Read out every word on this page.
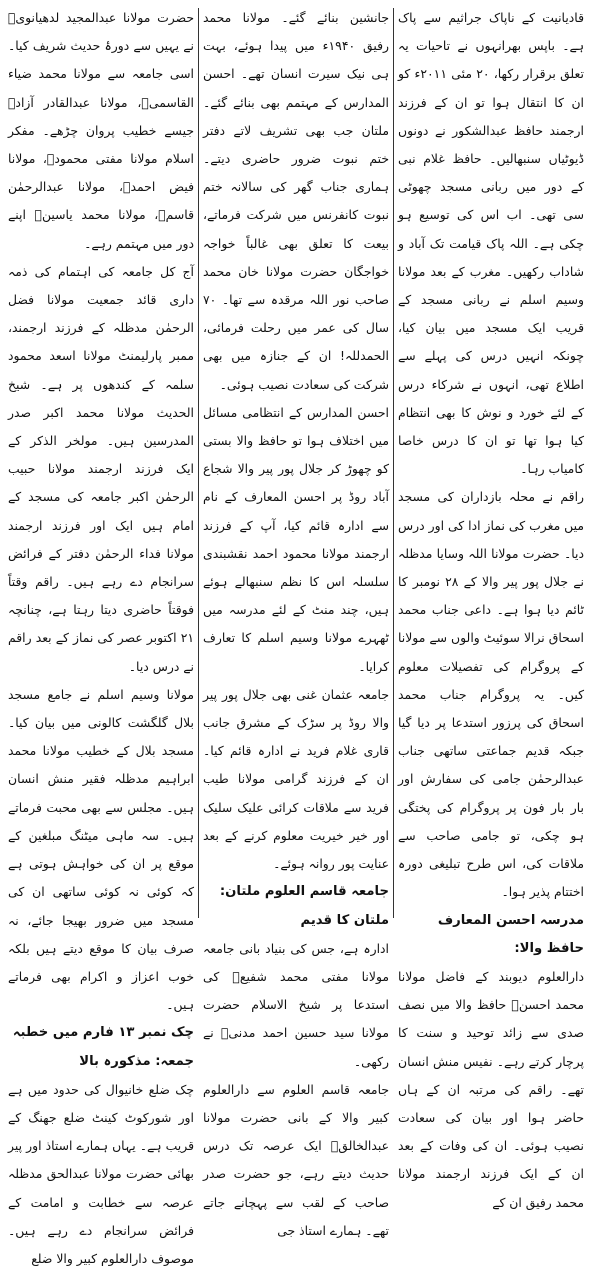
قادیانیت کے ناپاک جراثیم سے پاک ہے۔ باپس بھرانہوں نے تاحیات یہ تعلق برقرار رکھا، ۲۰ مئی ۲۰۱۱ء کو ان کا انتقال ہوا تو ان کے فرزند ارجمند حافظ عبدالشکور نے دونوں ڈیوٹیاں سنبھالیں۔ حافظ غلام نبی کے دور میں ربانی مسجد چھوٹی سی تھی۔ اب اس کی توسیع ہو چکی ہے۔ اللہ پاک قیامت تک آباد و شاداب رکھیں۔ مغرب کے بعد مولانا وسیم اسلم نے ربانی مسجد کے قریب ایک مسجد میں بیان کیا، چونکہ انہیں درس کی پہلے سے اطلاع تھی، انہوں نے شرکاء درس کے لئے خورد و نوش کا بھی انتظام کیا ہوا تھا تو ان کا درس خاصا کامیاب رہا۔

راقم نے محلہ بازداران کی مسجد میں مغرب کی نماز ادا کی اور درس دیا۔ حضرت مولانا اللہ وسایا مدظلہ نے جلال پور پیر والا کے ۲۸ نومبر کا ٹائم دیا ہوا ہے۔ داعی جناب محمد اسحاق نرالا سوئیٹ والوں سے مولانا کے پروگرام کی تفصیلات معلوم کیں۔ یہ پروگرام جناب محمد اسحاق کی پرزور استدعا پر دیا گیا جبکہ قدیم جماعتی ساتھی جناب عبدالرحمٰن جامی کی سفارش اور بار بار فون پر پروگرام کی پختگی ہو چکی، تو جامی صاحب سے ملاقات کی، اس طرح تبلیغی دورہ اختتام پذیر ہوا۔

مدرسہ احسن المعارف حافظ والا:

دارالعلوم دیوبند کے فاضل مولانا محمد احسنؒ حافظ والا میں نصف صدی سے زائد توحید و سنت کا پرچار کرتے رہے۔ نفیس منش انسان تھے۔ راقم کی مرتبہ ان کے ہاں حاضر ہوا اور بیان کی سعادت نصیب ہوئی۔ ان کی وفات کے بعد ان کے ایک فرزند ارجمند مولانا محمد رفیق ان کے

جانشین بنائے گئے۔ مولانا محمد رفیق ۱۹۴۰ء میں پیدا ہوئے، بہت ہی نیک سیرت انسان تھے۔ احسن المدارس کے مہتمم بھی بنائے گئے۔ ملتان جب بھی تشریف لاتے دفتر ختم نبوت ضرور حاضری دیتے۔ ہماری جناب گھر کی سالانہ ختم نبوت کانفرنس میں شرکت فرماتے، بیعت کا تعلق بھی غالباً خواجہ خواجگان حضرت مولانا خان محمد صاحب نور اللہ مرقدہ سے تھا۔ ۷۰ سال کی عمر میں رحلت فرمائی، الحمدللہ! ان کے جنازہ میں بھی شرکت کی سعادت نصیب ہوئی۔

احسن المدارس کے انتظامی مسائل میں اختلاف ہوا تو حافظ والا بستی کو چھوڑ کر جلال پور پیر والا شجاع آباد روڈ پر احسن المعارف کے نام سے ادارہ قائم کیا، آپ کے فرزند ارجمند مولانا محمود احمد نقشبندی سلسلہ اس کا نظم سنبھالے ہوئے ہیں، چند منٹ کے لئے مدرسہ میں ٹھہرے مولانا وسیم اسلم کا تعارف کرایا۔

جامعہ عثمان غنی بھی جلال پور پیر والا روڈ پر سڑک کے مشرق جانب قاری غلام فرید نے ادارہ قائم کیا۔ ان کے فرزند گرامی مولانا طیب فرید سے ملاقات کرائی علیک سلیک اور خیر خیریت معلوم کرنے کے بعد عنایت پور روانہ ہوئے۔

جامعہ قاسم العلوم ملتان: ملتان کا قدیم

ادارہ ہے، جس کی بنیاد بانی جامعہ مولانا مفتی محمد شفیعؒ کی استدعا پر شیخ الاسلام حضرت مولانا سید حسین احمد مدنیؒ نے رکھی۔

جامعہ قاسم العلوم سے دارالعلوم کبیر والا کے بانی حضرت مولانا عبدالخالقؒ ایک عرصہ تک درس حدیث دیتے رہے، جو حضرت صدر صاحب کے لقب سے پہچانے جاتے تھے۔ ہمارے استاذ جی

حضرت مولانا عبدالمجید لدھیانویؒ نے یہیں سے دورۂ حدیث شریف کیا۔ اسی جامعہ سے مولانا محمد ضیاء القاسمیؒ، مولانا عبدالقادر آزادؒ جیسے خطیب پروان چڑھے۔ مفکر اسلام مولانا مفتی محمودؒ، مولانا فیض احمدؒ، مولانا عبدالرحمٰن قاسمؒ، مولانا محمد یاسینؒ اپنے دور میں مہتمم رہے۔

آج کل جامعہ کی اہتمام کی ذمہ داری قائد جمعیت مولانا فضل الرحمٰن مدظلہ کے فرزند ارجمند، ممبر پارلیمنٹ مولانا اسعد محمود سلمہ کے کندھوں پر ہے۔ شیخ الحدیث مولانا محمد اکبر صدر المدرسین ہیں۔ مولخر الذکر کے ایک فرزند ارجمند مولانا حبیب الرحمٰن اکبر جامعہ کی مسجد کے امام ہیں ایک اور فرزند ارجمند مولانا فداء الرحمٰن دفتر کے فرائض سرانجام دے رہے ہیں۔ راقم وقتاً فوقتاً حاضری دیتا رہتا ہے، چنانچہ ۲۱ اکتوبر عصر کی نماز کے بعد راقم نے درس دیا۔

مولانا وسیم اسلم نے جامع مسجد بلال گلگشت کالونی میں بیان کیا۔ مسجد بلال کے خطیب مولانا محمد ابراہیم مدظلہ فقیر منش انسان ہیں۔ مجلس سے بھی محبت فرماتے ہیں۔ سہ ماہی میٹنگ مبلغین کے موقع پر ان کی خواہش ہوتی ہے کہ کوئی نہ کوئی ساتھی ان کی مسجد میں ضرور بھیجا جائے، نہ صرف بیان کا موقع دیتے ہیں بلکہ خوب اعزاز و اکرام بھی فرماتے ہیں۔

چک نمبر ۱۳ فارم میں خطبہ جمعہ: مذکورہ بالا

چک ضلع خانیوال کی حدود میں ہے اور شورکوٹ کینٹ ضلع جھنگ کے قریب ہے۔ یہاں ہمارے استاذ اور پیر بھائی حضرت مولانا عبدالحق مدظلہ عرصہ سے خطابت و امامت کے فرائض سرانجام دے رہے ہیں۔ موصوف دارالعلوم کبیر والا ضلع
